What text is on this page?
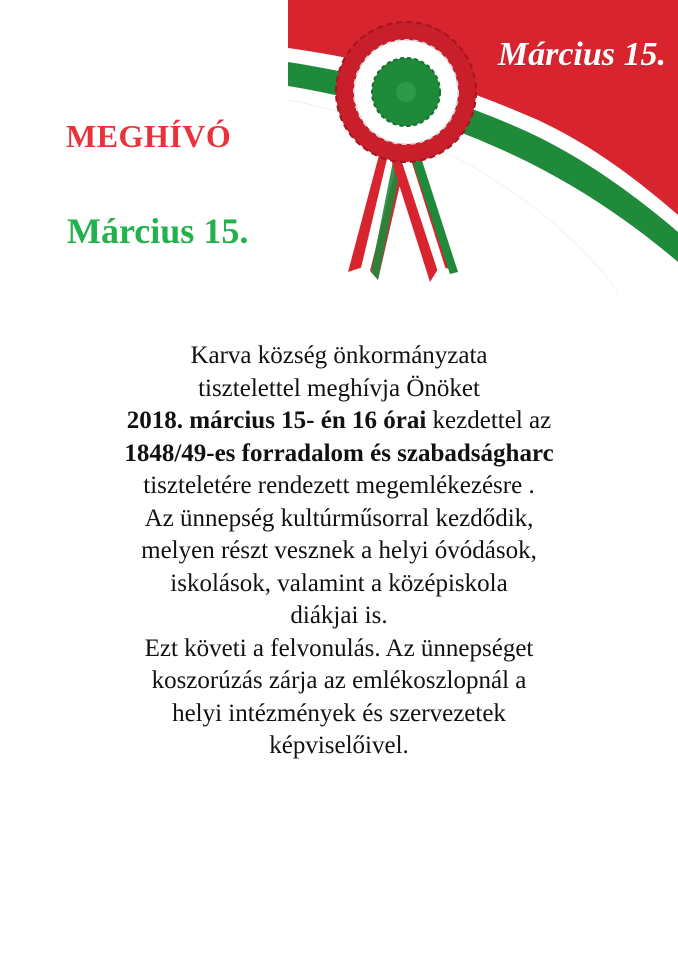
MEGHÍVÓ
Március 15.
Március 15.
Karva község önkormányzata
tisztelettel meghívja Önöket
2018. március 15- én 16 órai kezdettel az
1848/49-es forradalom és szabadságharc
tiszteletére rendezett megemlékezésre .
Az ünnepség kultúrműsorral kezdődik,
melyen részt vesznek a helyi óvódások,
iskolások, valamint a középiskola
diákjai is.
Ezt követi a felvonulás. Az ünnepséget
koszorúzás zárja az emlékoszlopnál a
helyi intézmények és szervezetek
képviselőivel.
